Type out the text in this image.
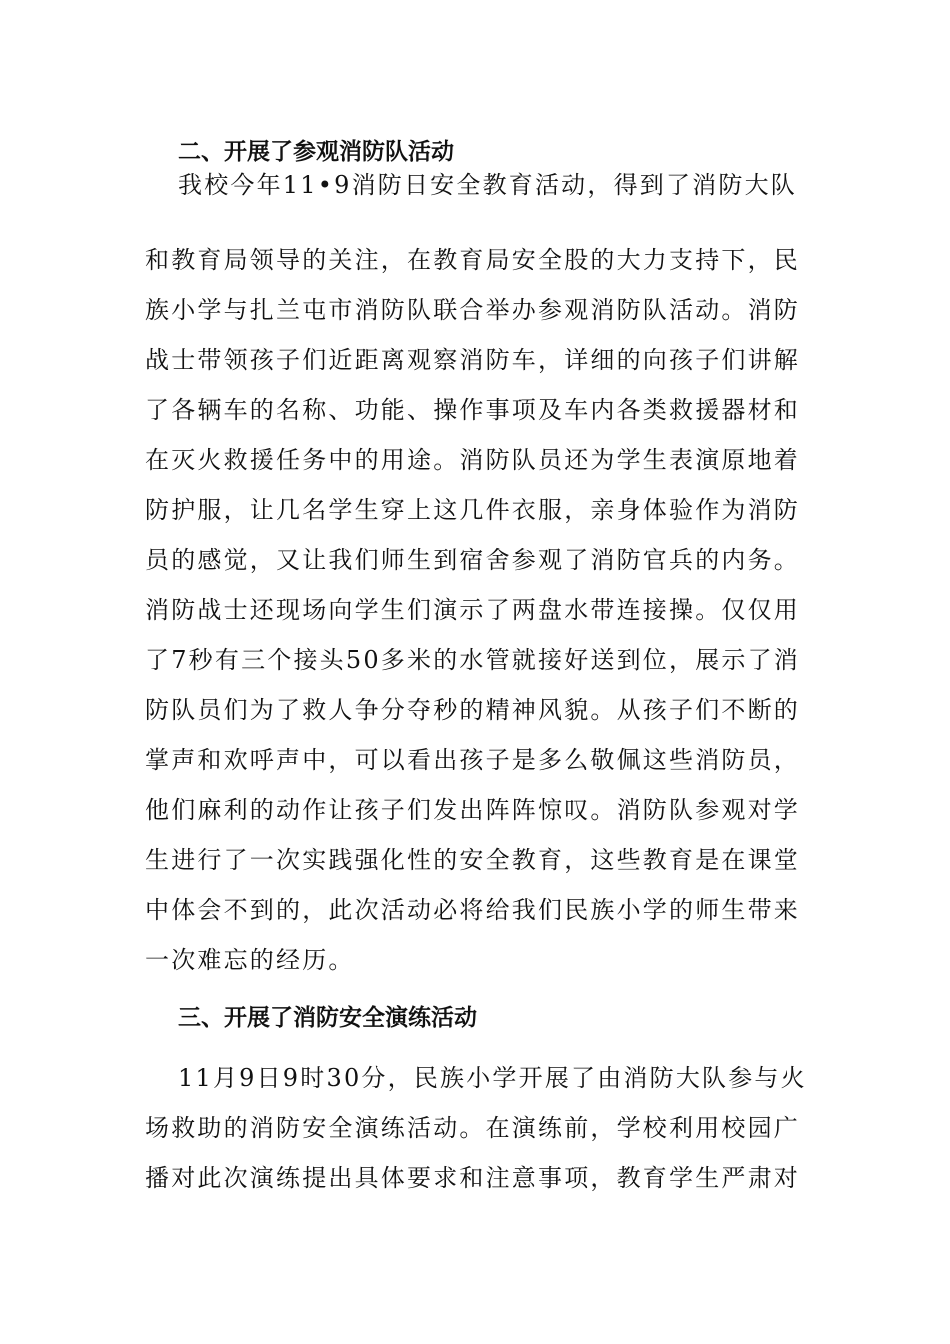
二、开展了参观消防队活动

我校今年11•9消防日安全教育活动，得到了消防大队

和教育局领导的关注，在教育局安全股的大力支持下，民

族小学与扎兰屯市消防队联合举办参观消防队活动。消防

战士带领孩子们近距离观察消防车，详细的向孩子们讲解

了各辆车的名称、功能、操作事项及车内各类救援器材和

在灭火救援任务中的用途。消防队员还为学生表演原地着

防护服，让几名学生穿上这几件衣服，亲身体验作为消防

员的感觉，又让我们师生到宿舍参观了消防官兵的内务。

消防战士还现场向学生们演示了两盘水带连接操。仅仅用

了7秒有三个接头50多米的水管就接好送到位，展示了消

防队员们为了救人争分夺秒的精神风貌。从孩子们不断的

掌声和欢呼声中，可以看出孩子是多么敬佩这些消防员，

他们麻利的动作让孩子们发出阵阵惊叹。消防队参观对学

生进行了一次实践强化性的安全教育，这些教育是在课堂

中体会不到的，此次活动必将给我们民族小学的师生带来

一次难忘的经历。

三、开展了消防安全演练活动

11月9日9时30分，民族小学开展了由消防大队参与火

场救助的消防安全演练活动。在演练前，学校利用校园广

播对此次演练提出具体要求和注意事项，教育学生严肃对
